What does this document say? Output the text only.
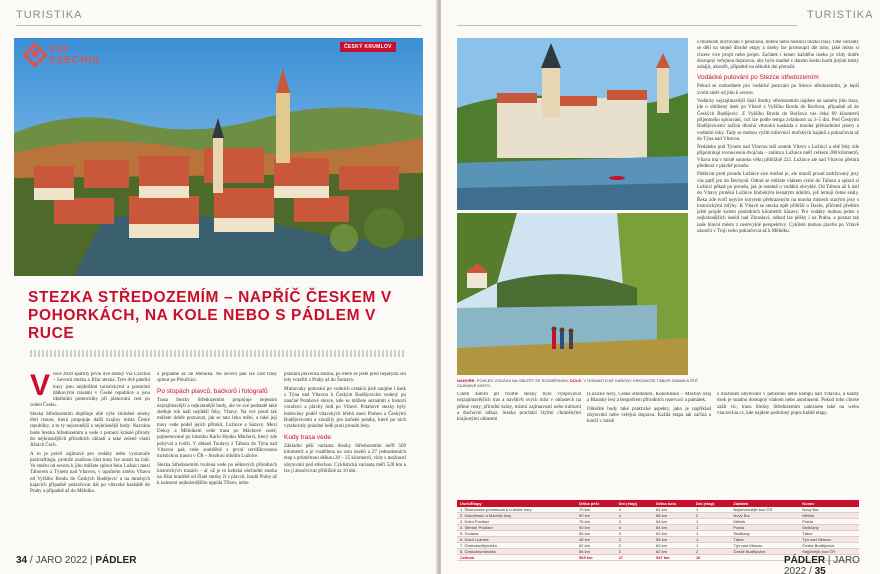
TURISTIKA
VIA
CZECHIA
ČESKÝ KRUMLOV
STEZKA STŘEDOZEMÍM – NAPŘÍČ ČESKEM V POHORKÁCH, NA KOLE NEBO S PÁDLEM V RUCE
V roce 2020 spatřily první dvě stezky Via Czechia – Severní stezka a Jižní stezka. Tyto dvě páteřní trasy jsou nejdelšími turistickými a poutními dálkovými trasami v České republice a jsou ideálními pomocníky při plánování cest po celém Česku.

Stezka Středozemím doplňuje obě výše zmíněné stezky třetí trasou, která propojuje další krajiny místa České republiky, a to ty nejcennější a nejkrásnější body. Nazvána bude Stezka Středozemím a vede z pomezí krásné přírody do nejkrásnějších přírodních oblastí a také zeleně vlastí Jižních Čech.

A to je právě zajímavé pro vodáky nebo vyznavače packraftingu, protože značnou část trasy lze urazit na lodi. Ve směru od severu k jihu můžete splout řeku Lužnici mezi Táborem a Týnem nad Vltavou, v opačném směru Vltavu od Vyššího Brodu do Českých Budějovic a na mnohých kajacích případně pokračovat dál po vltavské kaskádě do Prahy a případně až do Mělníka.

a případně až do Mělníka. Na severu pak lze část trasy splout po Ploučnici.

Po stopách plavců, bačkorů i fotografů

Trasa Stezky Středozemím propojuje nejenom nejzajímavější a nejkrásnější body, ale ve své podstatě také sleduje tok naší nejdelší řeky, Vltavy. Na své pouti tak můžete dobře poznávat, jak se tato řeka mění, a také její trasy vede podél jejích přítoků, Lužnice a Sázavy. Mezi Doksy a Mělníkem vede trasa po Máchově cestě, pojmenované po básníku Karlu Hynku Máchovi, který zde pobýval a tvořil. V oblasti Toulavy z Tábora do Týna nad Vltavou pak vede souběžně s první certifikovanou turistickou trasou v ČR – Stezkou údolím Lužnice.

Stezka Středozemím tvořená vede po některých přírodních historických trasách – ať už je to keltská obchodní stezka na Jižní hradiště od Zlaté stezky či z plavců, hradů Prahy až k nalezení nejkrásnějšího oppida Třísov, nebo

prastará plavecká stezka, po které se ještě před nějakými sto lety vorařili z Prahy až do Šumavy.

Mimovaky putování po vodních cestách jistě zaujme i úsek z Týna nad Vltavou k Českým Budějovicím vedený po naučné Potahové stezce, kde se můžete seznámit s historií vorařství a plavby lodí po Vltavě. Potahové stezky byly budovány podél vltavských břehů mezi Prahou a Českými Budějovicemi a sloužily pro koňské potahy, které po nich vytahovaly prázdné lodě proti proudu řeky.

Kudy trasa vede

Základní pěší varianta Stezky Středozemím měří 569 kilometrů a je rozdělena na osm úseků a 27 jednodenních etap s průměrnou délkou 20 – 25 kilometrů, vždy s možností ubytování pod střechou. Cyklistická varianta měří 520 km a lze ji absolvovat přibližně za 10 dní.

34 / JARO 2022 | PÁDLER
TURISTIKA

s možností ubytování v penzionu, hotelu nebo hostinci blízko trasy. Obě varianty se dělí na stejně dlouhé etapy a úseky lze prostoupit dle toho, jaké místo si chcete více projít nebo projet. Začátek i konec každého úseku je vždy dobře dostupný veřejnou dopravou, aby bylo snadné v daném úseku hodit jinými místy zahájit, ukončit, případně na několik dní přerušit.

Vodácké putování po Stezce středozemím

Pokud se rozhodnete pro vodácké putování po Stezce středozemím, je lepší zvolit směr od jihu k severu.

Vodácky nejzajímavější částí Stezky středozemím najdete na samém jihu trasy, jde o oblíbený úsek po Vltavě z Vyššího Brodu do Boršova, případně až do Českých Budějovic. Z Vyššího Brodu do Boršova vás čeká 69 kilometrů příjemného splouvání, což lze podle tempa zvládnout za 3–5 dní. Pod Českými Budějovicemi začíná dlouhá vltavská kaskáda s mnoha přehradními jezery a vodními toky. Tady se mohou vyžití milovníci mořských kajaků a pokračovat až do Týna nad Vltavou.

Nedaleko pod Týnem nad Vltavou leží soutok Vltavy s Lužnicí a obě řeky zde připomínají rovnocenná dvojčata – zatímco Lužnice měří celkem 208 kilometrů, Vltava má v místě soutoku věku přibližně 222. Lužnice ale nad Vltavou přebírá přednost v plavbě proudu.

Pádlovat proti proudu Lužnice sice možné je, ale množí proud zadržovaný jezy vás patří jen do Bechyně. Odtud se můžete vlakem svézt do Tábora a splout si Lužnici pěkně po proudu, jak je ostatně u vodáků obvyklé. Od Tábora až k ústí do Vltavy protéká Lužnice hlubokým lesnatým údolím, jež lemují četné skály. Řeka zde tvoří nejvíce korytem přehrazeným na mnoha místech starými jezy s historickými mlýny. K Vltavě se stezka opět přiblíží u Davle, přičemž předtím ještě projde kolem posledních kilometrů Sázavy. Pro vodáky mohou jeden z nejkrásnějších úseků nad Zbraslaví, odkud lze pěšky i na Prahu, a poznat tak naše hlavní město z neobvyklé perspektivy. Cyklisté mohou plavbu po Vltavě ukončit v Troji nebo pokračovat až k Mělníku.

NAHOŘE: POHLED VODÁKA NA OBLEŠT SE ROZMĚRKEM. DOLE: V ROMANTICKÉ KAŇONY KRKONOŠE TÁBOR ZNÁMÁ A ŠTĚ ZAJÍMAVÉ MÍSTO.

Cílem autorů při tvorbě stezky bylo vytipovávat nejzajímavějších tras a navštívit svých míst v oblastech na pěkné cesty, přírodní krásy, místní zajímavosti nebo kulturní a duchovní odkaz. Stezka prochází čtyřmi chráněnými krajinnými oblastmi

(Lužické hory, České středohoří, Kokořínsko – Máchův kraj a Blanský les) a bezpočtem přírodních rezervací a památek.

Důležité body také praktické aspekty, jako je například ubytování nebo veřejná doprava. Každá etapa tak začíná a končí v místě

s možností ubytování v penzionu nebo kempu nad Vltavou, a každý úsek je snadno dostupný vlakem nebo autobusem. Pokud toho chcete zažít víc, trasu Stezky Středozemím naleznete také na webu viaczechia.cz, kde najdete podrobný popis každé etapy.

Úsek/Etapy	Délka pěší	Dní (etap)	Délka kolo	Dní (etap)	Začátek	Konec
1. Šluknovsko pohorkova a Lužické hory	70 km	4	64 km	1	Nejsevernější bod ČR	Nový Bor
2. Kokořínsko a Máchův kraj	90 km	4	88 km	2	Nový Bor	Mělník
3. Dolní Povltaví	75 km	3	64 km	1	Mělník	Praha
4. Střední Povltaví	90 km	4	84 km	1	Praha	Sedlčany
5. Toulava	65 km	3	60 km	1	Sedlčany	Tábor
6. Údolí Lužnice	45 km	2	55 km	1	Tábor	Týn nad Vltavou
7. Českobudějovicko	62 km	2	60 km	1	Týn nad Vltavou	České Budějovice
8. Českokrumlovsko	66 km	3	62 km	2	České Budějovice	Nejjižnější bod ČR
Celkem	569 km	27	547 km	10			PÁDLER | JARO 2022 / 35
